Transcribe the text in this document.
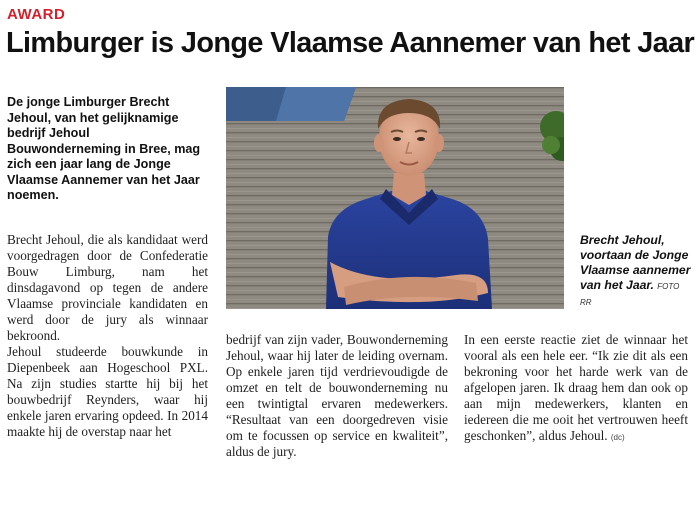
AWARD
Limburger is Jonge Vlaamse Aannemer van het Jaar
De jonge Limburger Brecht Jehoul, van het gelijknamige bedrijf Jehoul Bouwonderneming in Bree, mag zich een jaar lang de Jonge Vlaamse Aannemer van het Jaar noemen.

Brecht Jehoul, die als kandidaat werd voorgedragen door de Confederatie Bouw Limburg, nam het dinsdagavond op tegen de andere Vlaamse provinciale kandidaten en werd door de jury als winnaar bekroond.

Jehoul studeerde bouwkunde in Diepenbeek aan Hogeschool PXL. Na zijn studies startte hij bij het bouwbedrijf Reynders, waar hij enkele jaren ervaring opdeed. In 2014 maakte hij de overstap naar het

bedrijf van zijn vader, Bouwonderneming Jehoul, waar hij later de leiding overnam. Op enkele jaren tijd verdrievoudigde de omzet en telt de bouwonderneming nu een twintigtal ervaren medewerkers. “Resultaat van een doorgedreven visie om te focussen op service en kwaliteit”, aldus de jury.

In een eerste reactie ziet de winnaar het vooral als een hele eer. “Ik zie dit als een bekroning voor het harde werk van de afgelopen jaren. Ik draag hem dan ook op aan mijn medewerkers, klanten en iedereen die me ooit het vertrouwen heeft geschonken”, aldus Jehoul. (dc)

Brecht Jehoul, voortaan de Jonge Vlaamse aannemer van het Jaar. FOTO RR
